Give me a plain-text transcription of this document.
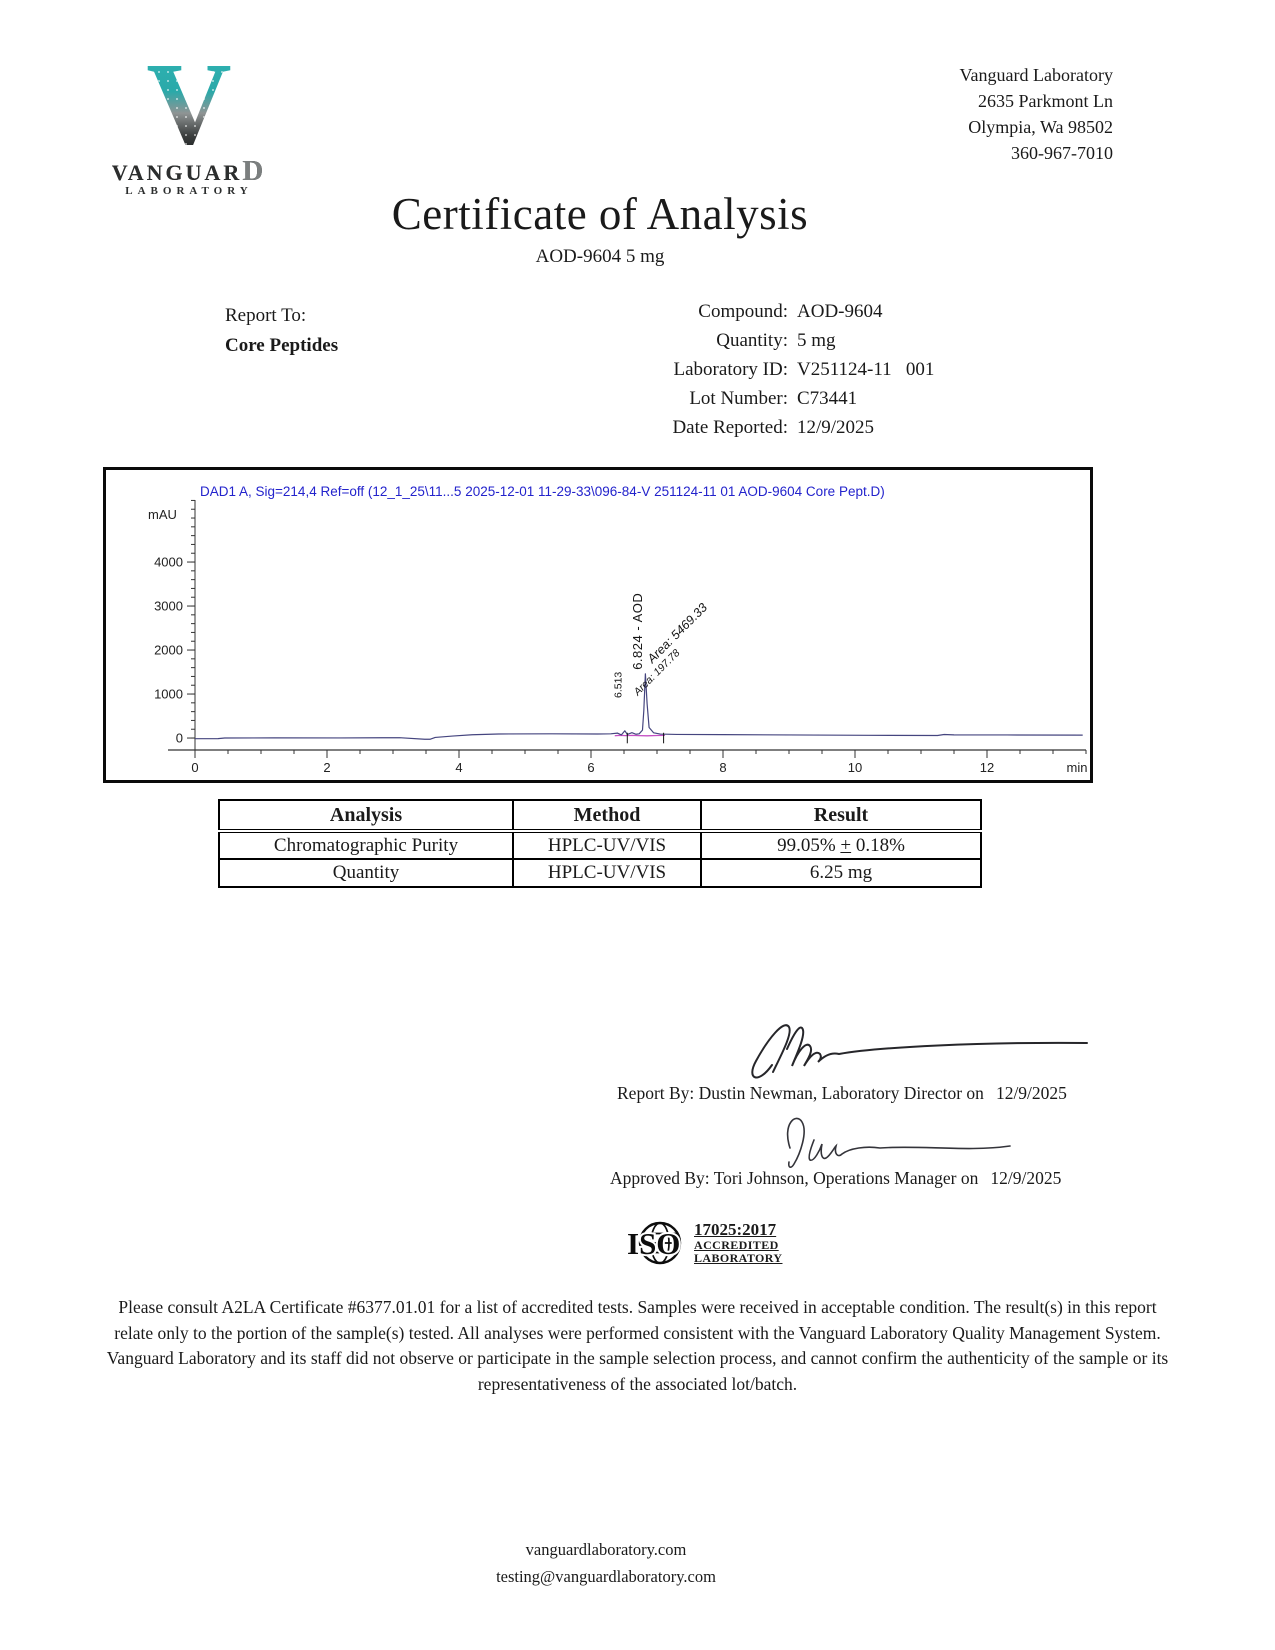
V
VANGUARD
LABORATORY
Vanguard Laboratory
2635 Parkmont Ln
Olympia, Wa 98502
360-967-7010
Certificate of Analysis
AOD-9604 5 mg
Report To:
Core Peptides
Compound: AOD-9604
Quantity: 5 mg
Laboratory ID: V251124-11   001
Lot Number: C73441
Date Reported: 12/9/2025
DAD1 A, Sig=214,4 Ref=off (12_1_25\11...5 2025-12-01 11-29-33\096-84-V 251124-11 01 AOD-9604 Core Pept.D)
mAU
0
1000
2000
3000
4000
0	2	4	6	8	10	12	min
6.824 - AOD Area: 5469.33
6.513 Area: 197.78
Analysis	Method	Result
Chromatographic Purity	HPLC-UV/VIS	99.05% + 0.18%
Quantity	HPLC-UV/VIS	6.25 mg
Report By: Dustin Newman, Laboratory Director on 12/9/2025
Approved By: Tori Johnson, Operations Manager on 12/9/2025
ISO 17025:2017
ACCREDITED
LABORATORY
Please consult A2LA Certificate #6377.01.01 for a list of accredited tests. Samples were received in acceptable condition. The result(s) in this report relate only to the portion of the sample(s) tested. All analyses were performed consistent with the Vanguard Laboratory Quality Management System. Vanguard Laboratory and its staff did not observe or participate in the sample selection process, and cannot confirm the authenticity of the sample or its representativeness of the associated lot/batch.
vanguardlaboratory.com
testing@vanguardlaboratory.com
